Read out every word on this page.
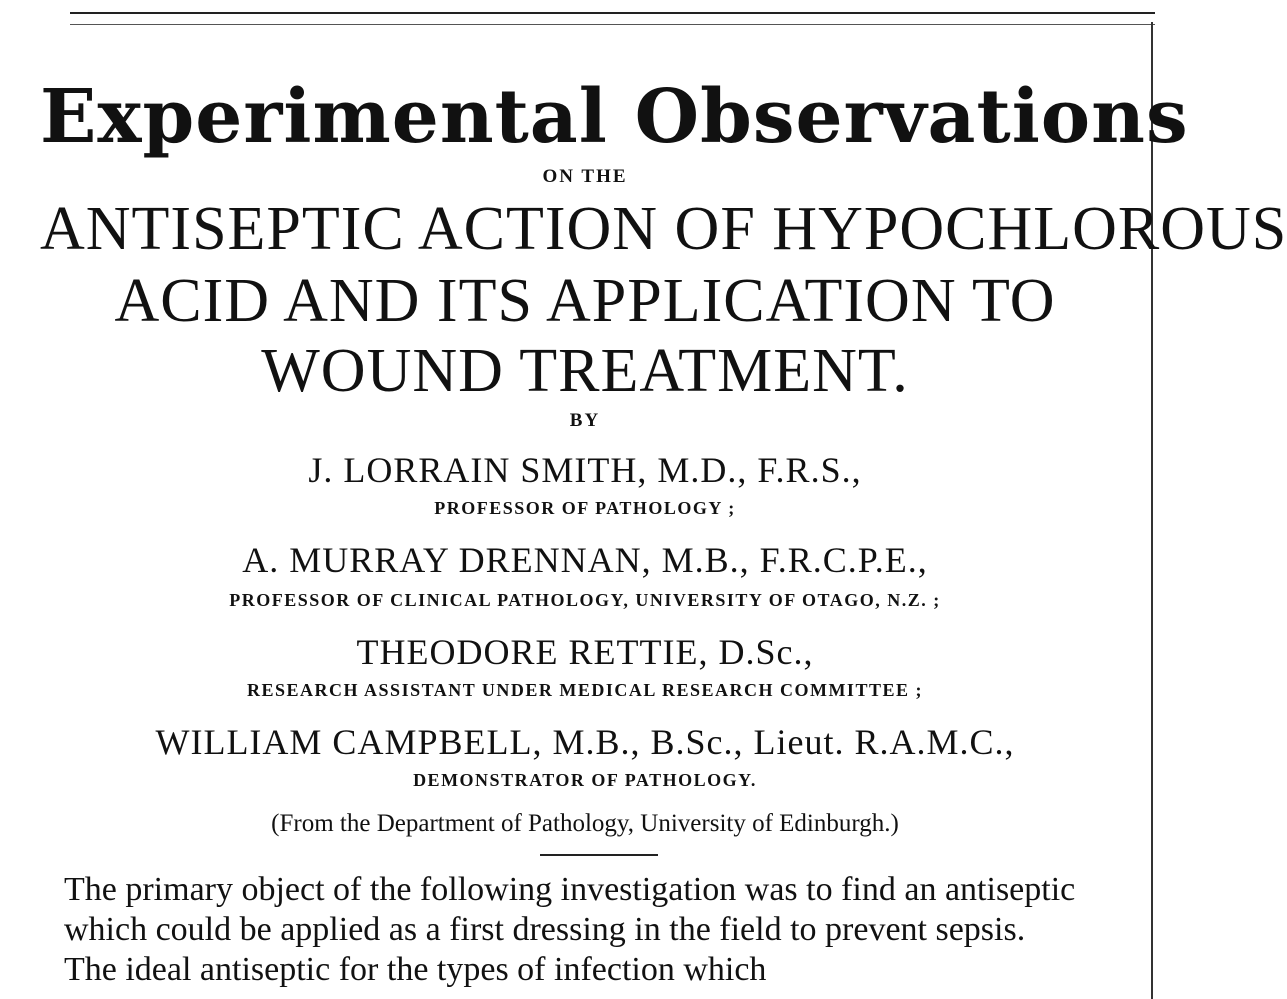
Experimental Observations
ON THE
ANTISEPTIC ACTION OF HYPOCHLOROUS
ACID AND ITS APPLICATION TO
WOUND TREATMENT.
BY
J. LORRAIN SMITH, M.D., F.R.S.,
PROFESSOR OF PATHOLOGY ;
A. MURRAY DRENNAN, M.B., F.R.C.P.E.,
PROFESSOR OF CLINICAL PATHOLOGY, UNIVERSITY OF OTAGO, N.Z. ;
THEODORE RETTIE, D.Sc.,
RESEARCH ASSISTANT UNDER MEDICAL RESEARCH COMMITTEE ;
WILLIAM CAMPBELL, M.B., B.Sc., Lieut. R.A.M.C.,
DEMONSTRATOR OF PATHOLOGY.
(From the Department of Pathology, University of Edinburgh.)

The primary object of the following investigation was to find an antiseptic which could be applied as a first dressing in the field to prevent sepsis.

The ideal antiseptic for the types of infection which
